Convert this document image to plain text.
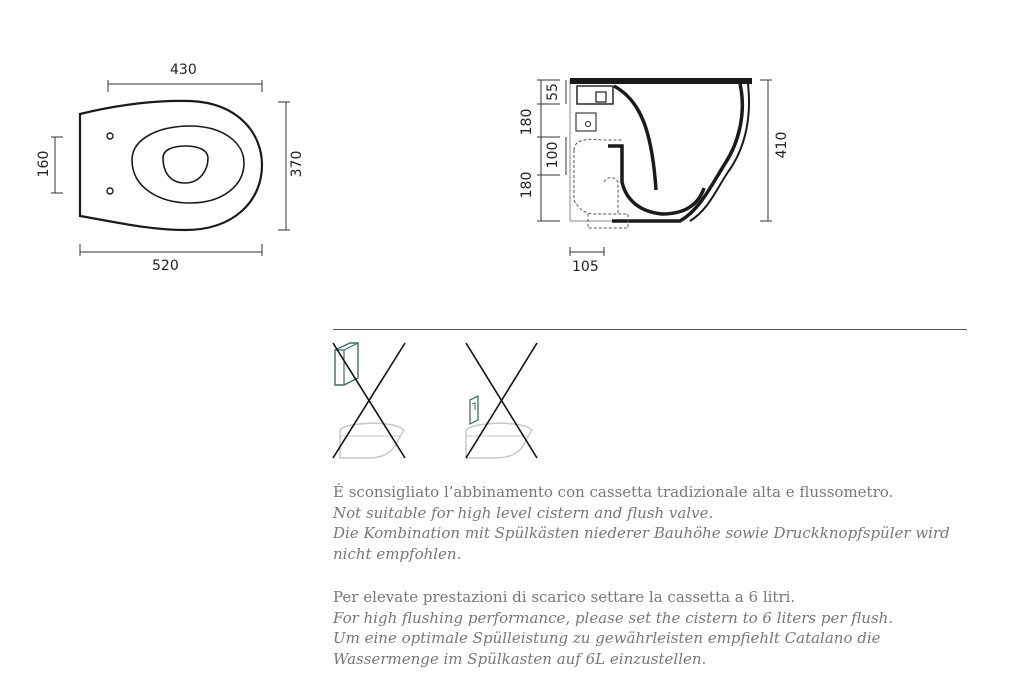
430
520
160	370
55
180
100
180
410
105

É sconsigliato l’abbinamento con cassetta tradizionale alta e flussometro.

Not suitable for high level cistern and flush valve.

Die Kombination mit Spülkästen niederer Bauhöhe sowie Druckknopfspüler wird

nicht empfohlen.

Per elevate prestazioni di scarico settare la cassetta a 6 litri.

For high flushing performance, please set the cistern to 6 liters per flush.

Um eine optimale Spülleistung zu gewährleisten empfiehlt Catalano die

Wassermenge im Spülkasten auf 6L einzustellen.
